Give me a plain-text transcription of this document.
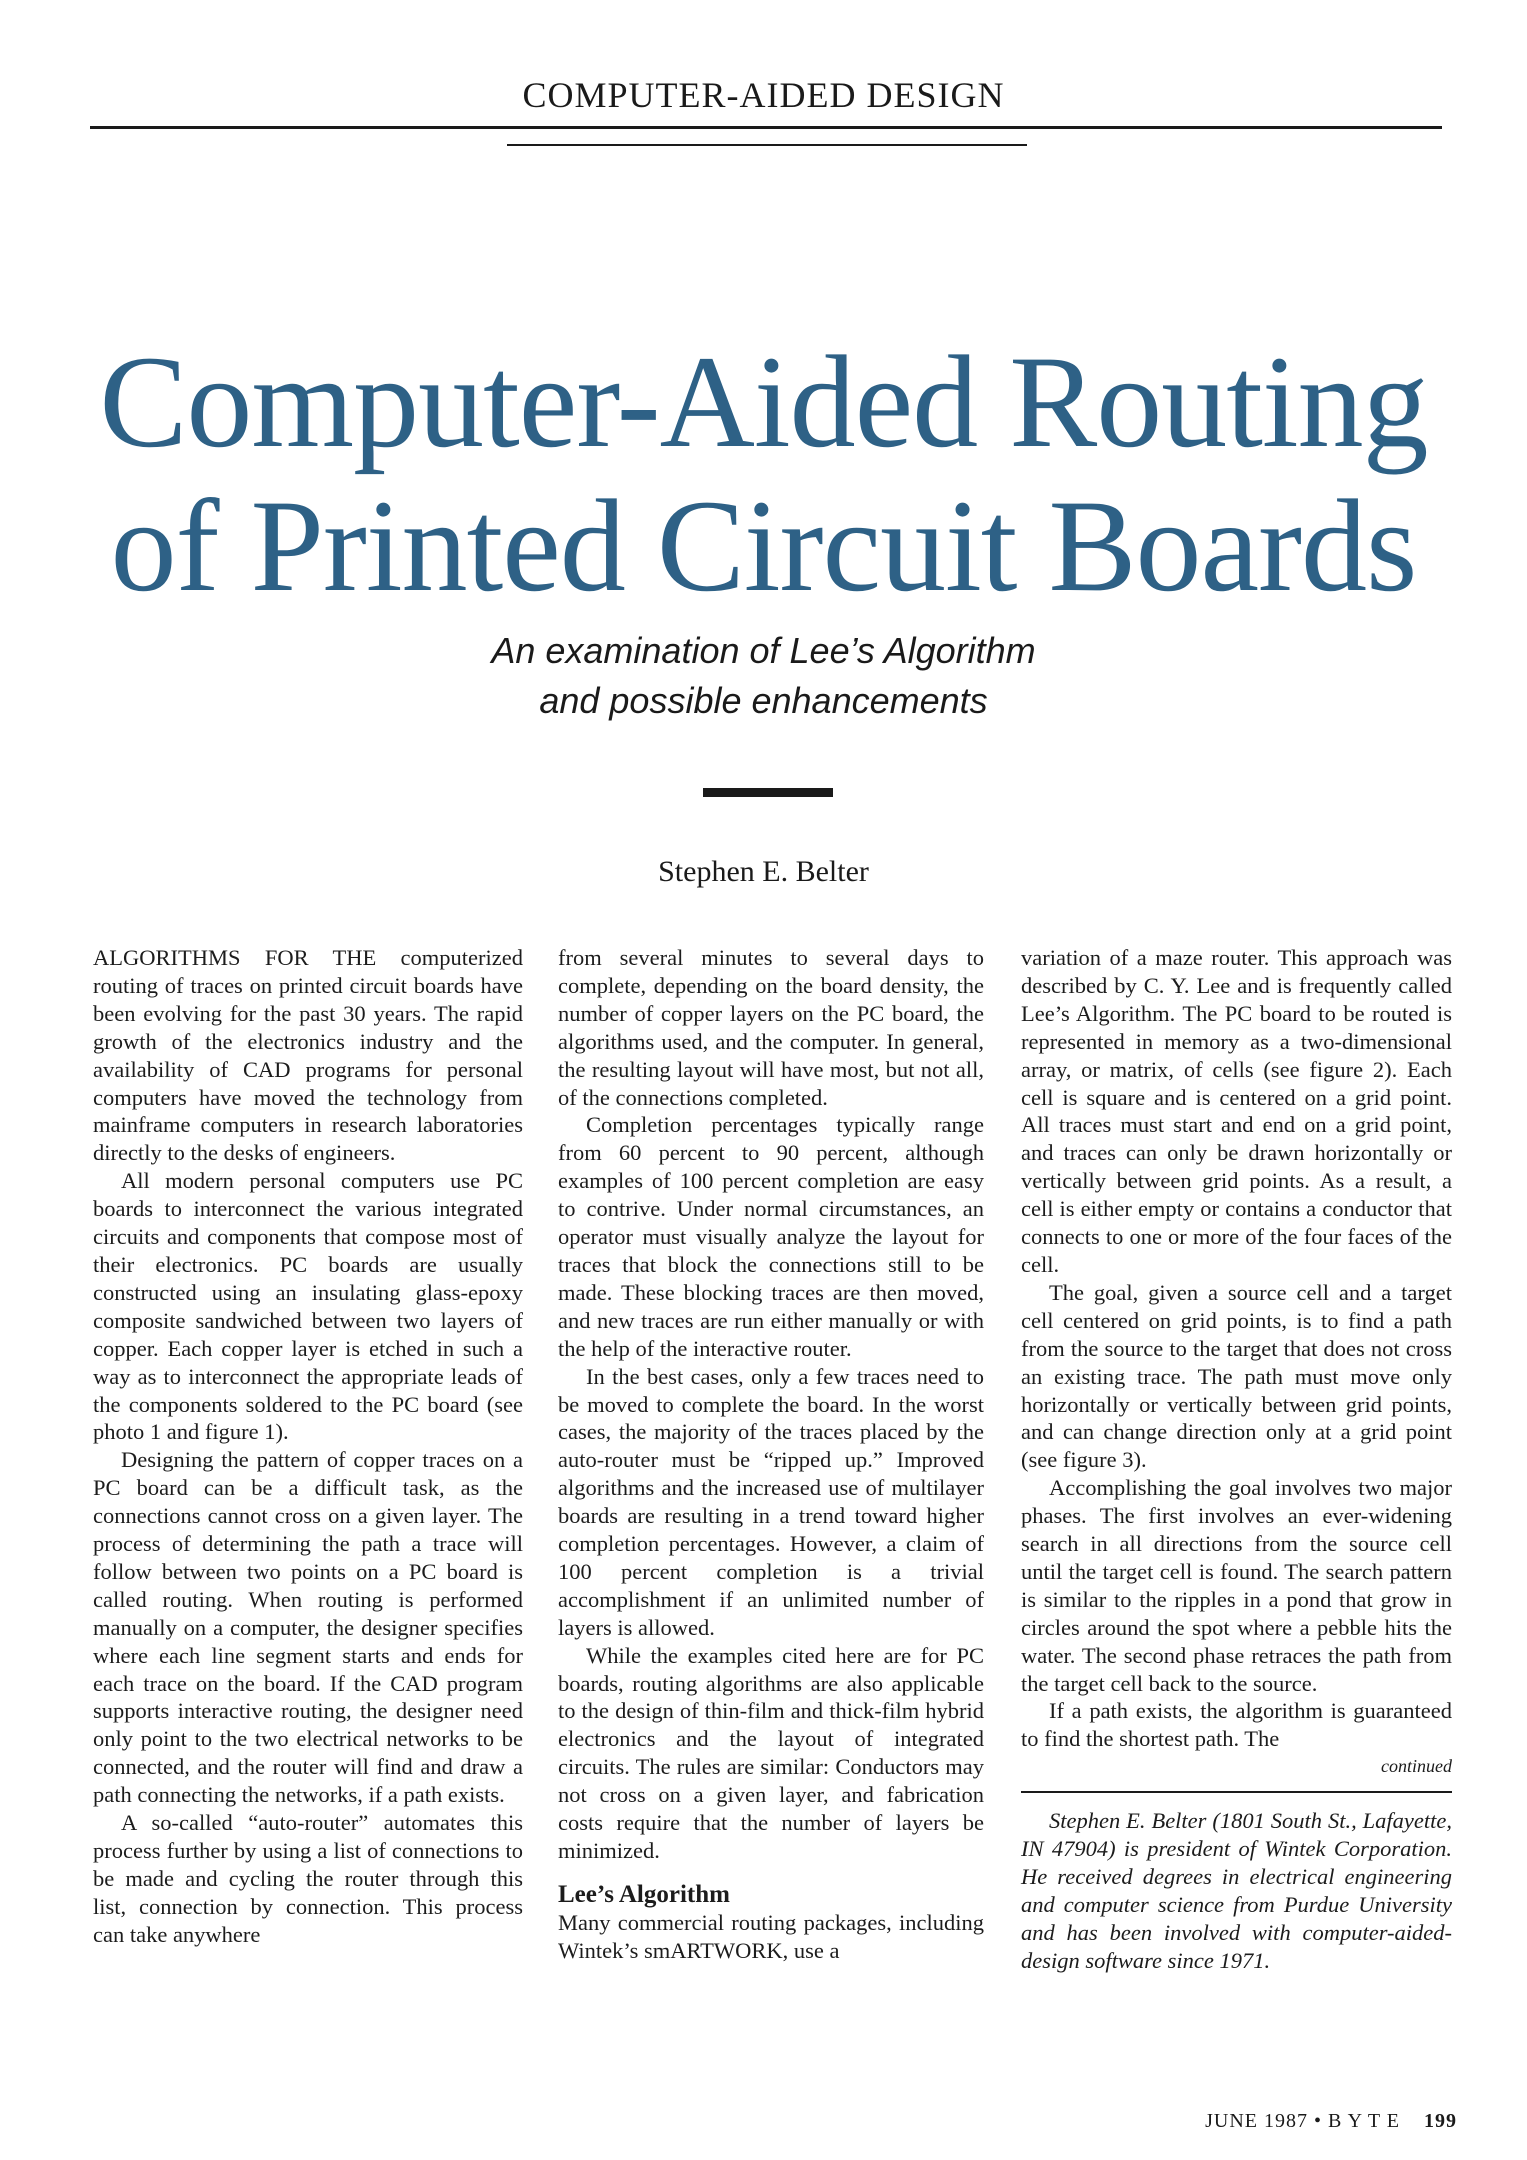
COMPUTER-AIDED DESIGN
Computer-Aided Routing
of Printed Circuit Boards
An examination of Lee’s Algorithm
and possible enhancements
Stephen E. Belter

ALGORITHMS FOR THE computerized routing of traces on printed circuit boards have been evolving for the past 30 years. The rapid growth of the electronics industry and the availability of CAD programs for personal computers have moved the technology from mainframe computers in research laboratories directly to the desks of engineers.

All modern personal computers use PC boards to interconnect the various integrated circuits and components that compose most of their electronics. PC boards are usually constructed using an insulating glass-epoxy composite sandwiched between two layers of copper. Each copper layer is etched in such a way as to interconnect the appropriate leads of the components soldered to the PC board (see photo 1 and figure 1).

Designing the pattern of copper traces on a PC board can be a difficult task, as the connections cannot cross on a given layer. The process of determining the path a trace will follow between two points on a PC board is called routing. When routing is performed manually on a computer, the designer specifies where each line segment starts and ends for each trace on the board. If the CAD program supports interactive routing, the designer need only point to the two electrical networks to be connected, and the router will find and draw a path connecting the networks, if a path exists.

A so-called “auto-router” automates this process further by using a list of connections to be made and cycling the router through this list, connection by connection. This process can take anywhere

from several minutes to several days to complete, depending on the board density, the number of copper layers on the PC board, the algorithms used, and the computer. In general, the resulting layout will have most, but not all, of the connections completed.

Completion percentages typically range from 60 percent to 90 percent, although examples of 100 percent completion are easy to contrive. Under normal circumstances, an operator must visually analyze the layout for traces that block the connections still to be made. These blocking traces are then moved, and new traces are run either manually or with the help of the interactive router.

In the best cases, only a few traces need to be moved to complete the board. In the worst cases, the majority of the traces placed by the auto-router must be “ripped up.” Improved algorithms and the increased use of multilayer boards are resulting in a trend toward higher completion percentages. However, a claim of 100 percent completion is a trivial accomplishment if an unlimited number of layers is allowed.

While the examples cited here are for PC boards, routing algorithms are also applicable to the design of thin-film and thick-film hybrid electronics and the layout of integrated circuits. The rules are similar: Conductors may not cross on a given layer, and fabrication costs require that the number of layers be minimized.

Lee’s Algorithm

Many commercial routing packages, including Wintek’s smARTWORK, use a

variation of a maze router. This approach was described by C. Y. Lee and is frequently called Lee’s Algorithm. The PC board to be routed is represented in memory as a two-dimensional array, or matrix, of cells (see figure 2). Each cell is square and is centered on a grid point. All traces must start and end on a grid point, and traces can only be drawn horizontally or vertically between grid points. As a result, a cell is either empty or contains a conductor that connects to one or more of the four faces of the cell.

The goal, given a source cell and a target cell centered on grid points, is to find a path from the source to the target that does not cross an existing trace. The path must move only horizontally or vertically between grid points, and can change direction only at a grid point (see figure 3).

Accomplishing the goal involves two major phases. The first involves an ever-widening search in all directions from the source cell until the target cell is found. The search pattern is similar to the ripples in a pond that grow in circles around the spot where a pebble hits the water. The second phase retraces the path from the target cell back to the source.

If a path exists, the algorithm is guaranteed to find the shortest path. The

continued

Stephen E. Belter (1801 South St., Lafayette, IN 47904) is president of Wintek Corporation. He received degrees in electrical engineering and computer science from Purdue University and has been involved with computer-aided-design software since 1971.

JUNE 1987 • B Y T E 199
